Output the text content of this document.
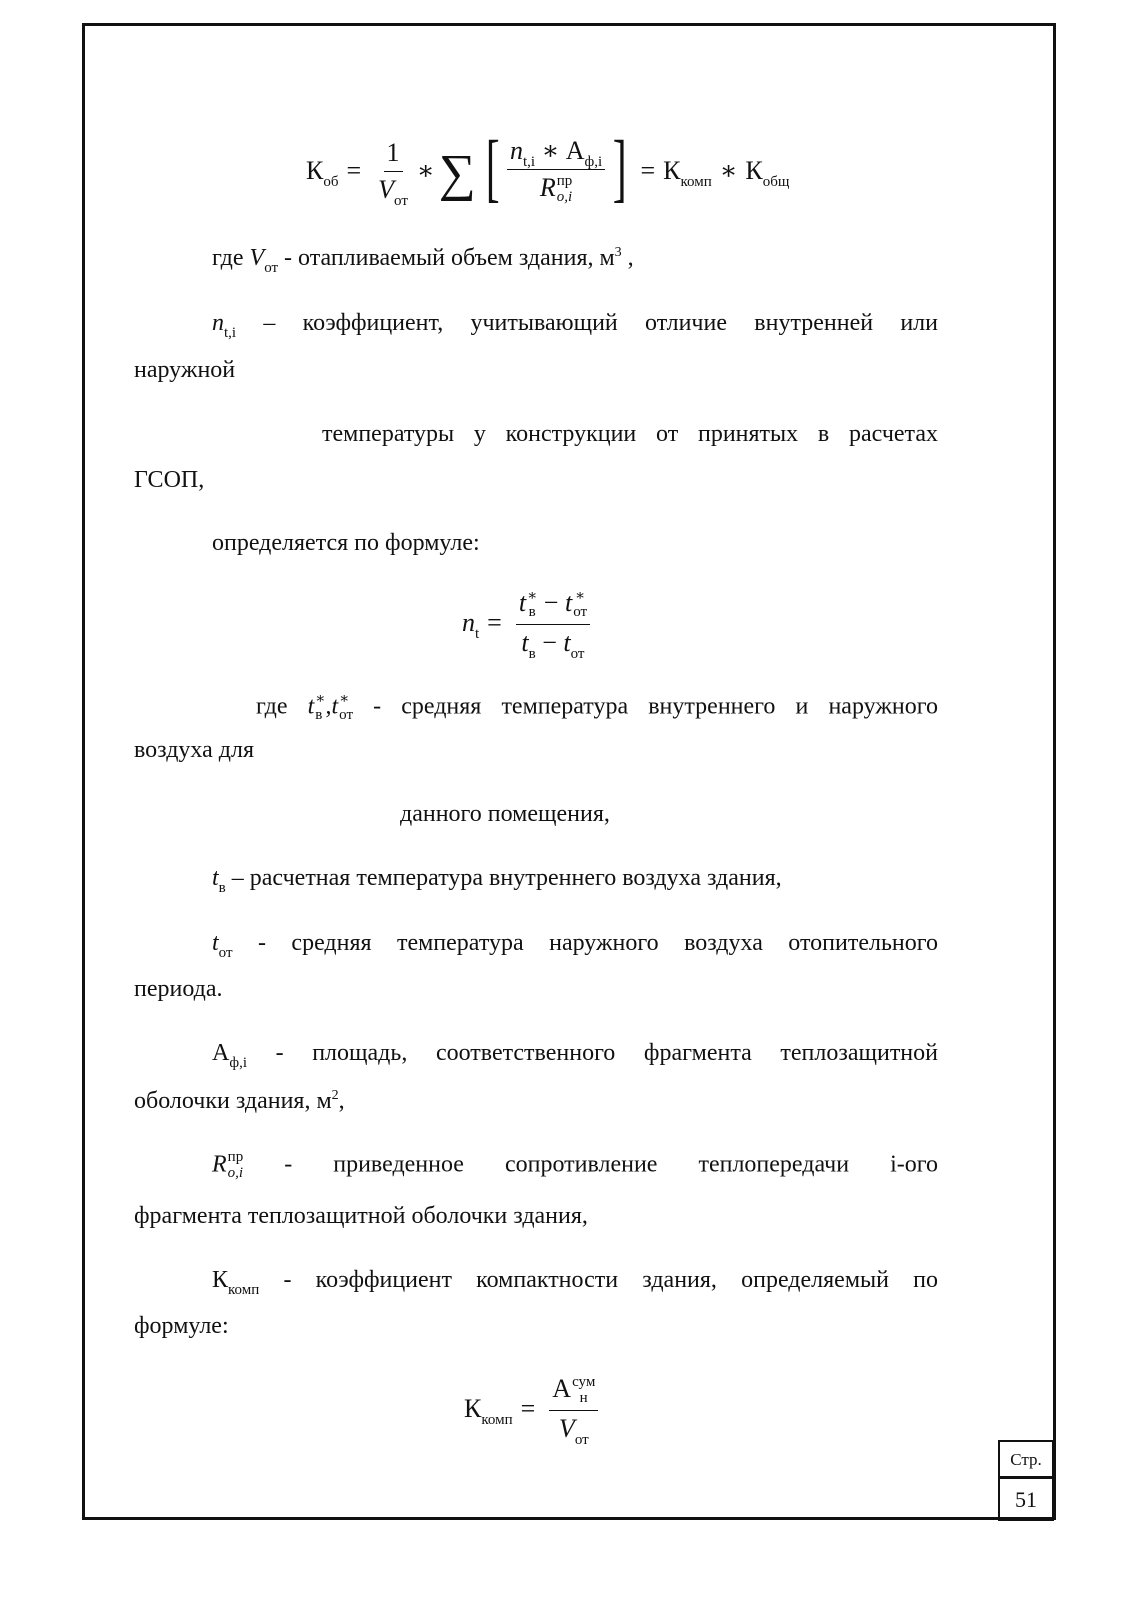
$К_{об} = \frac{1}{V_{от}}$ ∗ ∑ [ $n_{t,i}$ ∗ $А_{ф,i}$
R пр
o,i ] = $К_{комп}$ ∗ $К_{общ}$
где $V_{от}$ - отапливаемый объем здания, $м^3$ ,
$n_{t,i}$ – коэффициент, учитывающий отличие внутренней или
наружной
температуры у конструкции от принятых в расчетах
ГСОП,
определяется по формуле:
$n_t = t$ ∗
в − t ∗
от
$t_в - t_{от}$
где t ∗
в ,t ∗
от - средняя температура внутреннего и наружного
воздуха для
данного помещения,
$t_в$ – расчетная температура внутреннего воздуха здания,
$t_{от}$ - средняя температура наружного воздуха отопительного
периода.
$А_{ф,i}$ - площадь, соответственного фрагмента теплозащитной
оболочки здания, $м^2$,
R пр
o,i - приведенное сопротивление теплопередачи i-ого
фрагмента теплозащитной оболочки здания,
$К_{комп}$ - коэффициент компактности здания, определяемый по
формуле:
$К_{комп} = А$ сум
н
$V_{от}$
Стр.
51
